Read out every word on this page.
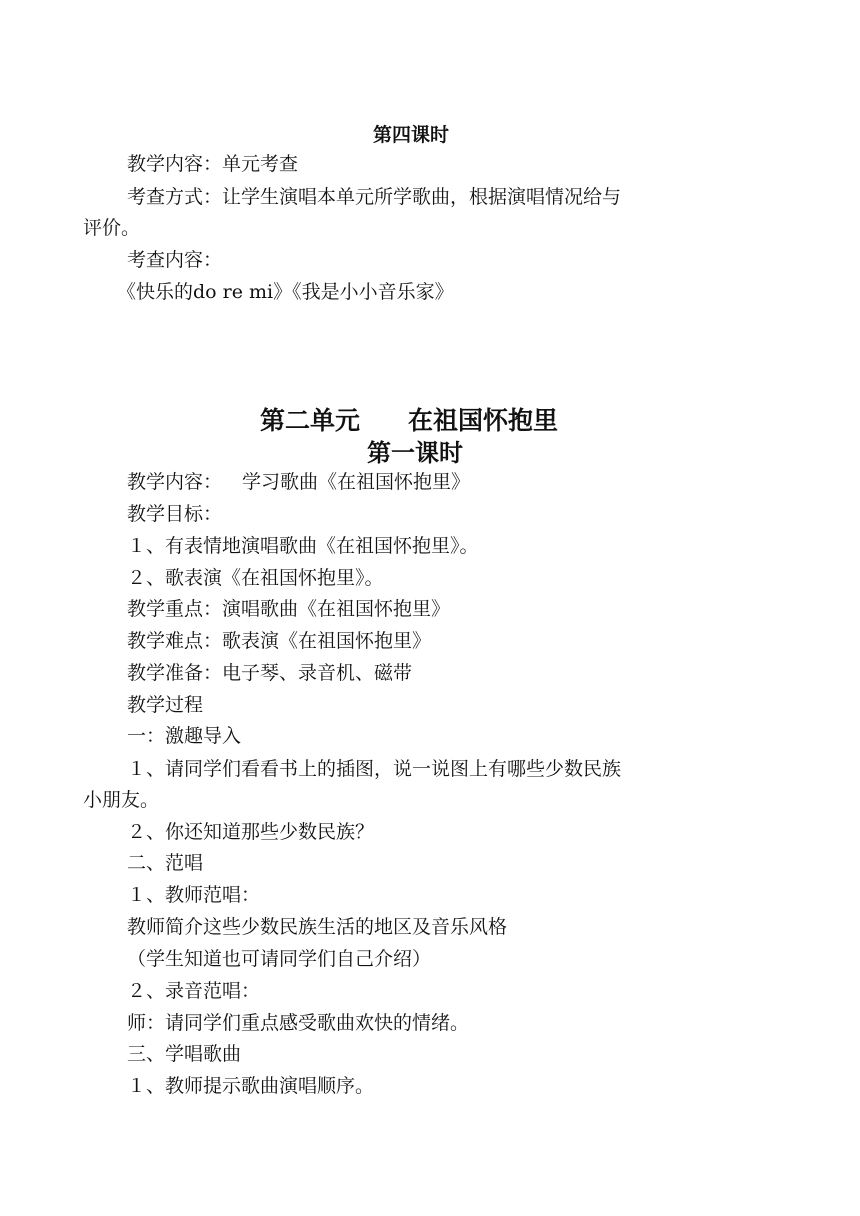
第四课时
教学内容：单元考查
考查方式：让学生演唱本单元所学歌曲，根据演唱情况给与
评价。
考查内容：
《快乐的do re mi》《我是小小音乐家》
第二单元 在祖国怀抱里
第一课时
教学内容： 学习歌曲《在祖国怀抱里》
教学目标：
１、有表情地演唱歌曲《在祖国怀抱里》。
２、歌表演《在祖国怀抱里》。
教学重点：演唱歌曲《在祖国怀抱里》
教学难点：歌表演《在祖国怀抱里》
教学准备：电子琴、录音机、磁带
教学过程
一：激趣导入
１、请同学们看看书上的插图，说一说图上有哪些少数民族
小朋友。
２、你还知道那些少数民族？
二、范唱
１、教师范唱：
教师简介这些少数民族生活的地区及音乐风格
（学生知道也可请同学们自己介绍）
２、录音范唱：
师：请同学们重点感受歌曲欢快的情绪。
三、学唱歌曲
１、教师提示歌曲演唱顺序。
